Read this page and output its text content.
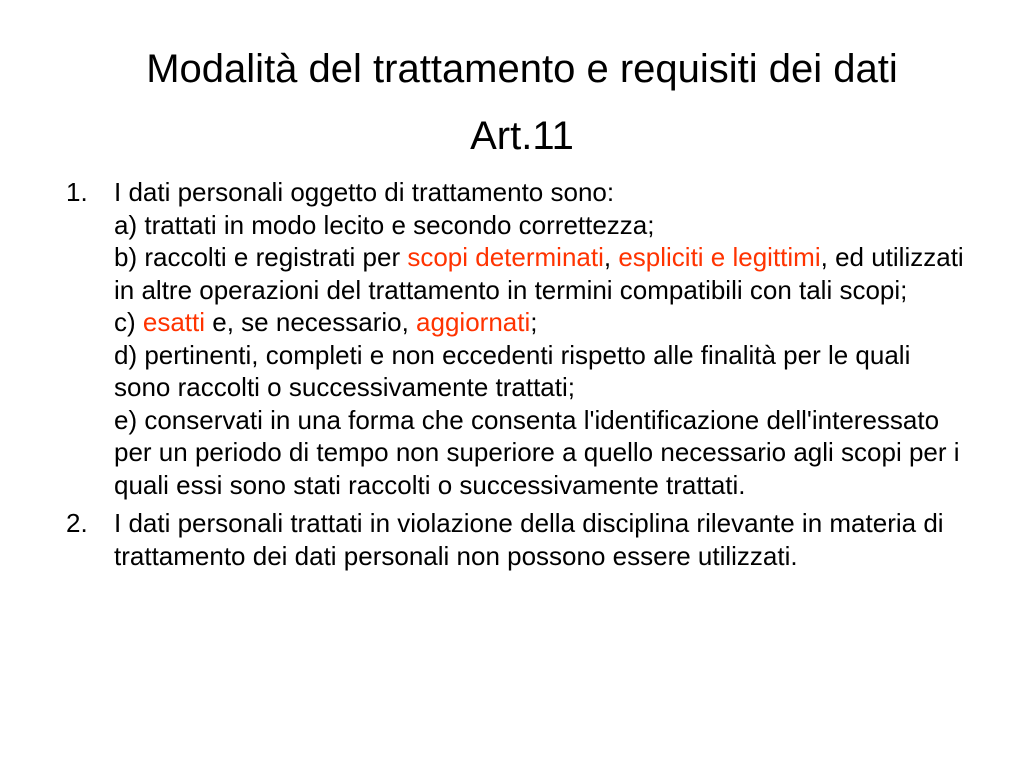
Modalità del trattamento e requisiti dei dati
Art.11
1.	I dati personali oggetto di trattamento sono:
a) trattati in modo lecito e secondo correttezza;
b) raccolti e registrati per scopi determinati, espliciti e legittimi, ed utilizzati in altre operazioni del trattamento in termini compatibili con tali scopi;
c) esatti e, se necessario, aggiornati;
d) pertinenti, completi e non eccedenti rispetto alle finalità per le quali sono raccolti o successivamente trattati;
e) conservati in una forma che consenta l'identificazione dell'interessato per un periodo di tempo non superiore a quello necessario agli scopi per i quali essi sono stati raccolti o successivamente trattati.
2.	I dati personali trattati in violazione della disciplina rilevante in materia di trattamento dei dati personali non possono essere utilizzati.
